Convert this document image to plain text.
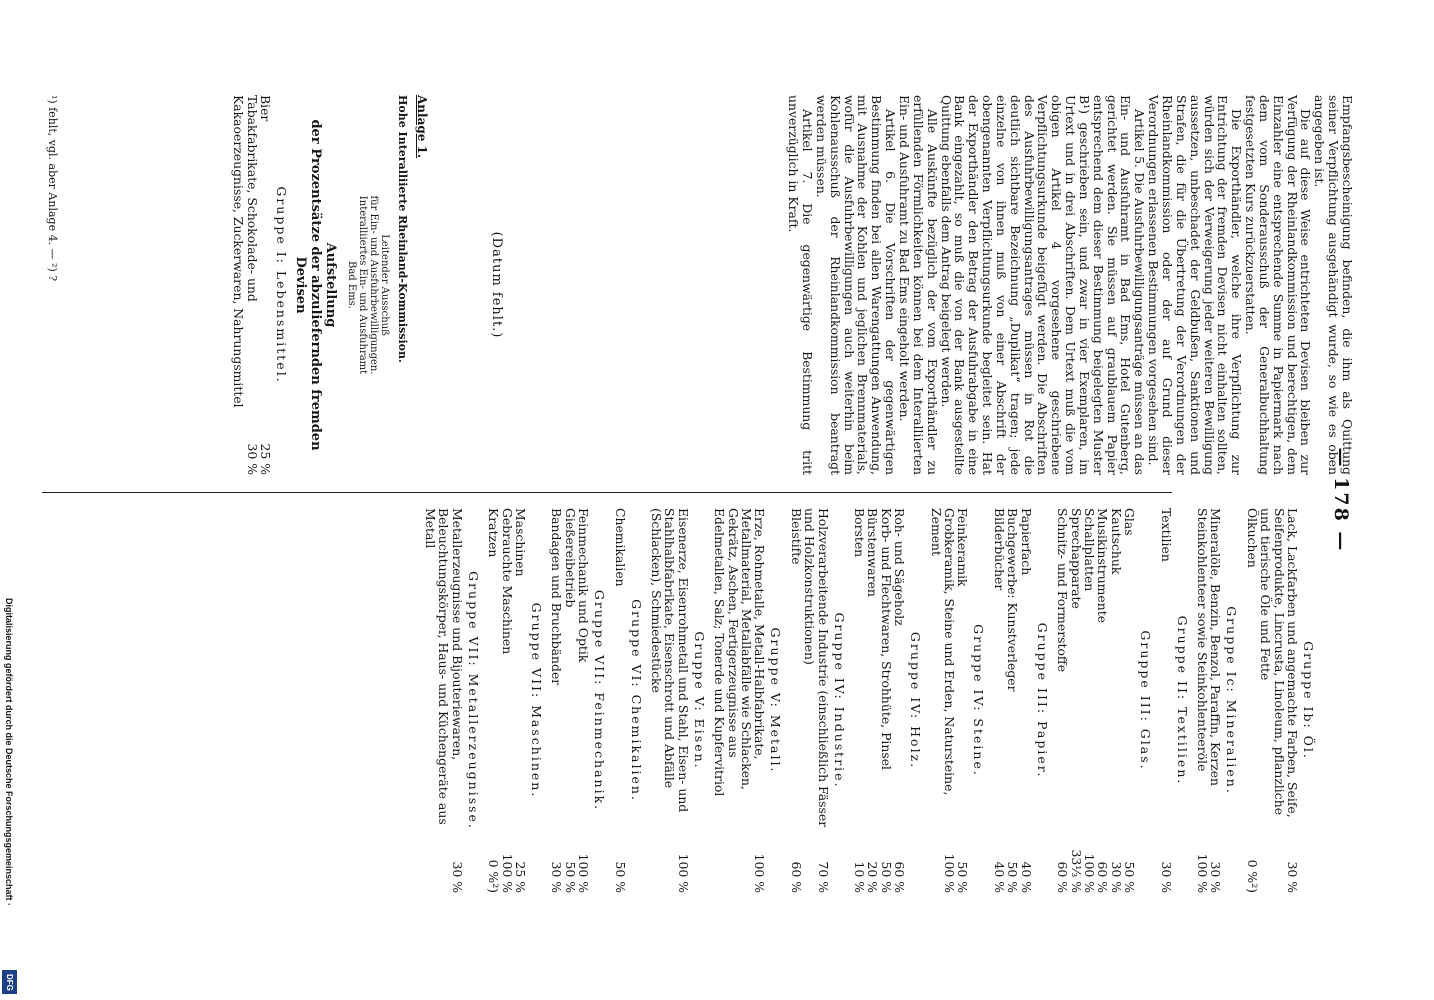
— 178 —

Empfangsbescheinigung befinden, die ihm als Quittung seiner Verpflichtung ausgehändigt wurde, so wie es oben angegeben ist.

Die auf diese Weise entrichteten Devisen bleiben zur Verfügung der Rheinlandkommission und berechtigen, dem Einzahler eine entsprechende Summe in Papiermark nach dem vom Sonderausschuß der Generalbuchhaltung festgesetzten Kurs zurückzuerstatten.

Die Exporthändler, welche ihre Verpflichtung zur Entrichtung der fremden Devisen nicht einhalten sollten, würden sich der Verweigerung jeder weiteren Bewilligung aussetzen, unbeschadet der Geldbußen, Sanktionen und Strafen, die für die Übertretung der Verordnungen der Rheinlandkommission oder der auf Grund dieser Verordnungen erlassenen Bestimmungen vorgesehen sind.

Artikel 5. Die Ausfuhrbewilligungsanträge müssen an das Ein- und Ausfuhramt in Bad Ems, Hotel Gutenberg, gerichtet werden. Sie müssen auf graublauem Papier entsprechend dem dieser Bestimmung beigelegten Muster B¹) geschrieben sein, und zwar in vier Exemplaren, im Urtext und in drei Abschriften. Dem Urtext muß die vom obigen Artikel 4 vorgesehene geschriebene Verpflichtungsurkunde beigefügt werden. Die Abschriften des Ausfuhrbewilligungsantrages müssen in Rot die deutlich sichtbare Bezeichnung „Duplikat“ tragen; jede einzelne von ihnen muß von einer Abschrift der obengenannten Verpflichtungsurkunde begleitet sein. Hat der Exporthändler den Betrag der Ausfuhrabgabe in eine Bank eingezahlt, so muß die von der Bank ausgestellte Quittung ebenfalls dem Antrag beigelegt werden.

Alle Auskünfte bezüglich der vom Exporthändler zu erfüllenden Förmlichkeiten können bei dem Interalliierten Ein- und Ausfuhramt zu Bad Ems eingeholt werden.

Artikel 6. Die Vorschriften der gegenwärtigen Bestimmung finden bei allen Warengattungen Anwendung, mit Ausnahme der Kohlen und jeglichen Brennmaterials, wofür die Ausfuhrbewilligungen auch weiterhin beim Kohlenausschuß der Rheinlandkommission beantragt werden müssen.

Artikel 7. Die gegenwärtige Bestimmung tritt unverzüglich in Kraft.

(Datum fehlt.)
Anlage 1.
Hohe Interalliierte Rheinland-Kommission.
Leitender Ausschuß
für Ein- und Ausfuhrbewilligungen.
Interalliiertes Ein- und Ausfuhramt
Bad Ems.
Aufstellung
der Prozentsätze der abzuliefernden fremden Devisen
Gruppe I: Lebensmittel.
Bier
25 %
Tabakfabrikate, Schokolade- und Kakaoerzeugnisse, Zuckerwaren, Nahrungsmittel
30 %
¹) fehlt, vgl. aber Anlage 4. — ²) ?
Gruppe Ib: Öl.
Lack, Lackfarben und angemachte Farben, Seife, Seifenprodukte, Lincrusta, Linoleum, pflanzliche und tierische Öle und Fette
30 %
Ölkuchen
0 %²)
Gruppe Ic: Mineralien.
Mineralöle, Benzin, Benzol, Paraffin, Kerzen
30 %
Steinkohlenteer sowie Steinkohlenteeröle
100 %
Gruppe II: Textilien.
Textilien
30 %
Gruppe III: Glas.
Glas
50 %
Kautschuk
30 %
Musikinstrumente
60 %
Schallplatten
100 %
Sprechapparate
33⅓ %
Schnitz- und Formerstoffe
60 %
Gruppe III: Papier.
Papierfach
40 %
Buchgewerbe: Kunstverleger
50 %
Bilderbücher
40 %
Gruppe IV: Steine.
Feinkeramik
50 %
Grobkeramik, Steine und Erden, Natursteine, Zement
100 %
Gruppe IV: Holz.
Roh- und Sägeholz
60 %
Korb- und Flechtwaren, Strohhüte, Pinsel
50 %
Bürstenwaren
20 %
Borsten
10 %
Gruppe IV: Industrie.
Holzverarbeitende Industrie (einschließlich Fässer und Holzkonstruktionen)
70 %
Bleistifte
60 %
Gruppe V: Metall.
Erze, Rohmetalle, Metall-Halbfabrikate, Metallmaterial, Metallabfälle wie Schlacken, Gekrätz, Aschen, Fertigerzeugnisse aus Edelmetallen, Salz; Tonerde und Kupfervitriol
100 %
Gruppe V: Eisen.
Eisenerze, Eisenrohmetall und Stahl, Eisen- und Stahlhalbfabrikate, Eisenschrott und Abfälle (Schlacken), Schmiedestücke
100 %
Gruppe VI: Chemikalien.
Chemikalien
50 %
Gruppe VII: Feinmechanik.
Feinmechanik und Optik
100 %
Gießereibetrieb
50 %
Bandagen und Bruchbänder
30 %
Gruppe VII: Maschinen.
Maschinen
25 %
Gebrauchte Maschinen
100 %
Kratzen
0 %²)
Gruppe VII: Metallerzeugnisse.
Metallerzeugnisse und Bijouteriewaren, Beleuchtungskörper, Haus- und Küchengeräte aus Metall
30 %
Digitalisierung gefördert durch die Deutsche Forschungsgemeinschaft ·
DFG
